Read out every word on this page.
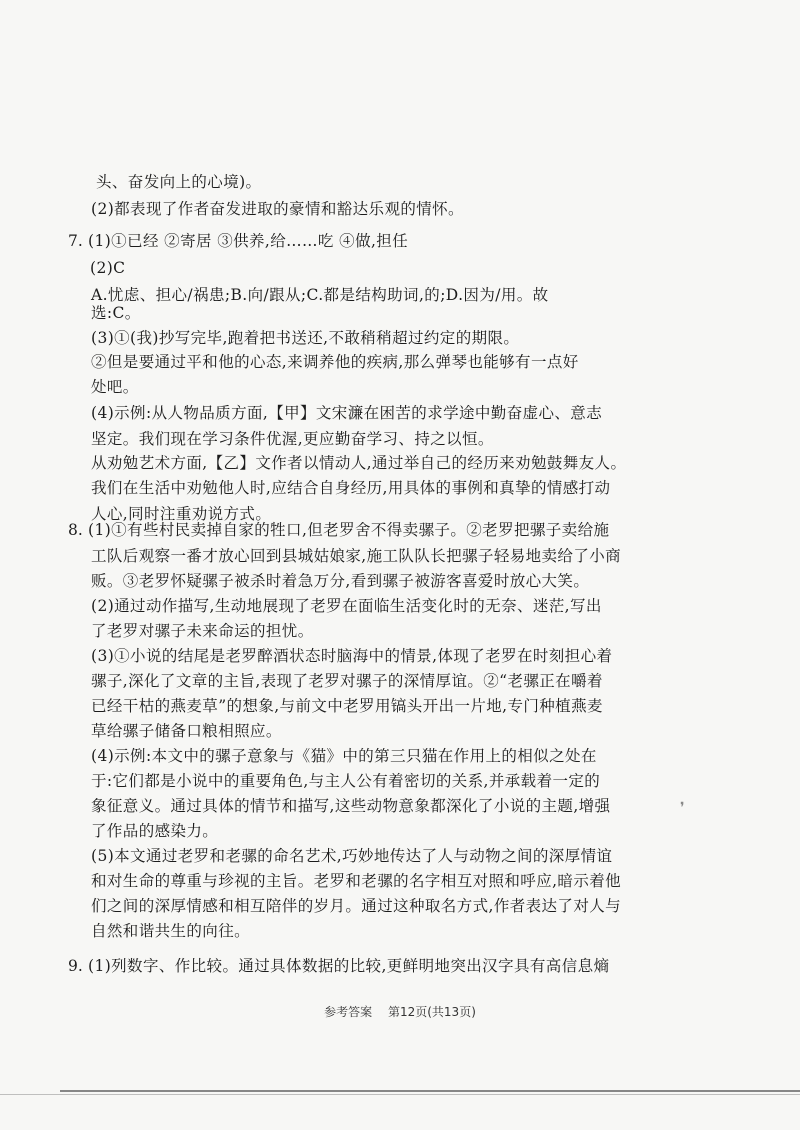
头、奋发向上的心境)。
(2)都表现了作者奋发进取的豪情和豁达乐观的情怀。
7. (1)①已经 ②寄居 ③供养,给……吃 ④做,担任
(2)C
A.忧虑、担心/祸患;B.向/跟从;C.都是结构助词,的;D.因为/用。故
选:C。
(3)①(我)抄写完毕,跑着把书送还,不敢稍稍超过约定的期限。
②但是要通过平和他的心态,来调养他的疾病,那么弹琴也能够有一点好
处吧。
(4)示例:从人物品质方面,【甲】文宋濂在困苦的求学途中勤奋虚心、意志
坚定。我们现在学习条件优渥,更应勤奋学习、持之以恒。
从劝勉艺术方面,【乙】文作者以情动人,通过举自己的经历来劝勉鼓舞友人。
我们在生活中劝勉他人时,应结合自身经历,用具体的事例和真挚的情感打动
人心,同时注重劝说方式。
8. (1)①有些村民卖掉自家的牲口,但老罗舍不得卖骡子。②老罗把骡子卖给施
工队后观察一番才放心回到县城姑娘家,施工队队长把骡子轻易地卖给了小商
贩。③老罗怀疑骡子被杀时着急万分,看到骡子被游客喜爱时放心大笑。
(2)通过动作描写,生动地展现了老罗在面临生活变化时的无奈、迷茫,写出
了老罗对骡子未来命运的担忧。
(3)①小说的结尾是老罗醉酒状态时脑海中的情景,体现了老罗在时刻担心着
骡子,深化了文章的主旨,表现了老罗对骡子的深情厚谊。②“老骡正在嚼着
已经干枯的燕麦草”的想象,与前文中老罗用镐头开出一片地,专门种植燕麦
草给骡子储备口粮相照应。
(4)示例:本文中的骡子意象与《猫》中的第三只猫在作用上的相似之处在
于:它们都是小说中的重要角色,与主人公有着密切的关系,并承载着一定的
象征意义。通过具体的情节和描写,这些动物意象都深化了小说的主题,增强
了作品的感染力。
(5)本文通过老罗和老骡的命名艺术,巧妙地传达了人与动物之间的深厚情谊
和对生命的尊重与珍视的主旨。老罗和老骡的名字相互对照和呼应,暗示着他
们之间的深厚情感和相互陪伴的岁月。通过这种取名方式,作者表达了对人与
自然和谐共生的向往。
9. (1)列数字、作比较。通过具体数据的比较,更鲜明地突出汉字具有高信息熵
参考答案 第12页(共13页)
❜
